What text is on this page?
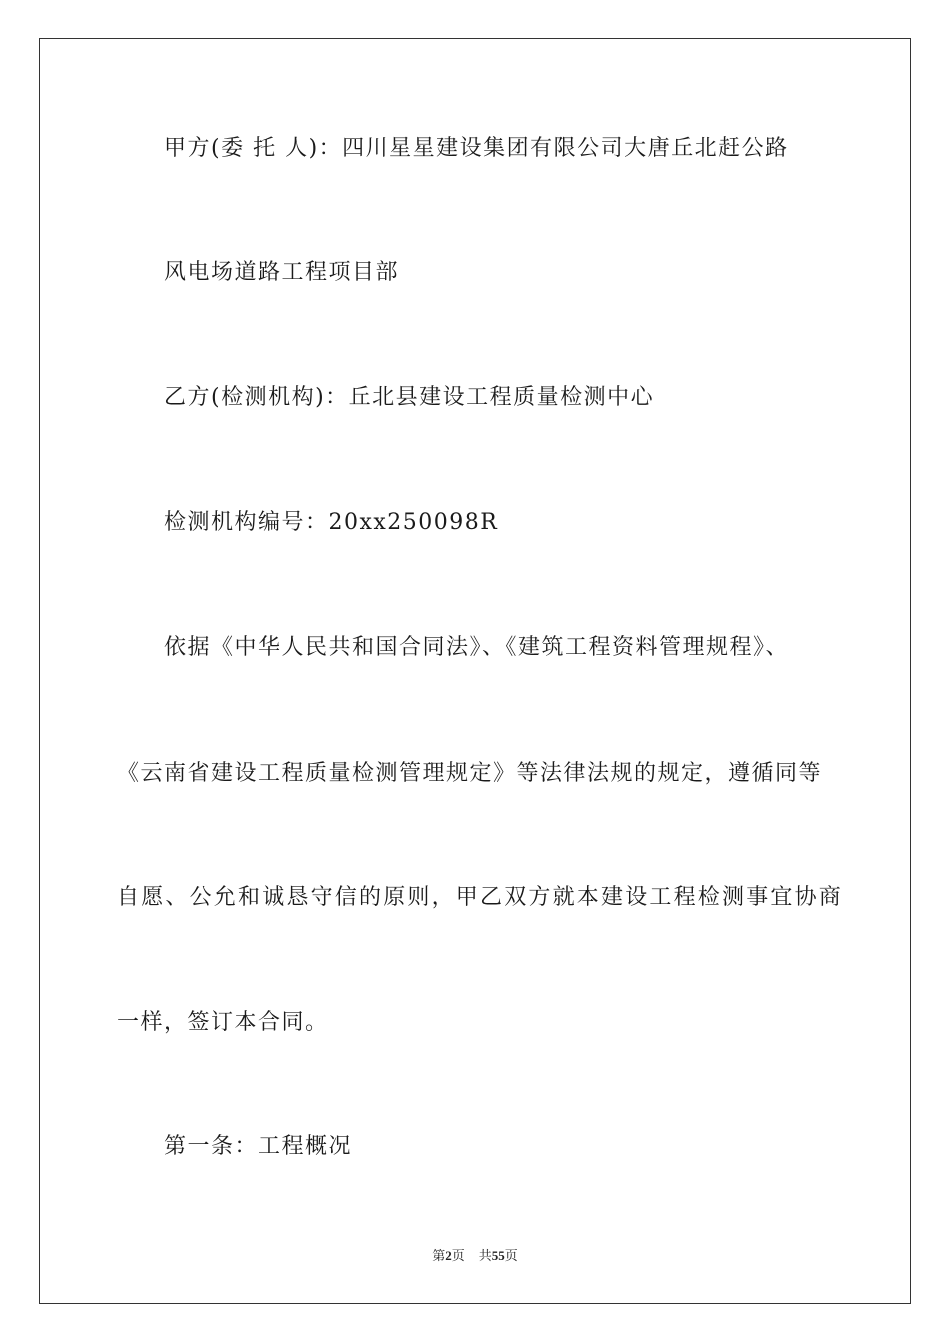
甲方(委 托 人)：四川星星建设集团有限公司大唐丘北赶公路
风电场道路工程项目部
乙方(检测机构)：丘北县建设工程质量检测中心
检测机构编号：20xx250098R
依据《中华人民共和国合同法》、《建筑工程资料管理规程》、
《云南省建设工程质量检测管理规定》等法律法规的规定，遵循同等
自愿、公允和诚恳守信的原则，甲乙双方就本建设工程检测事宜协商
一样，签订本合同。
第一条：工程概况
第2页 共55页
